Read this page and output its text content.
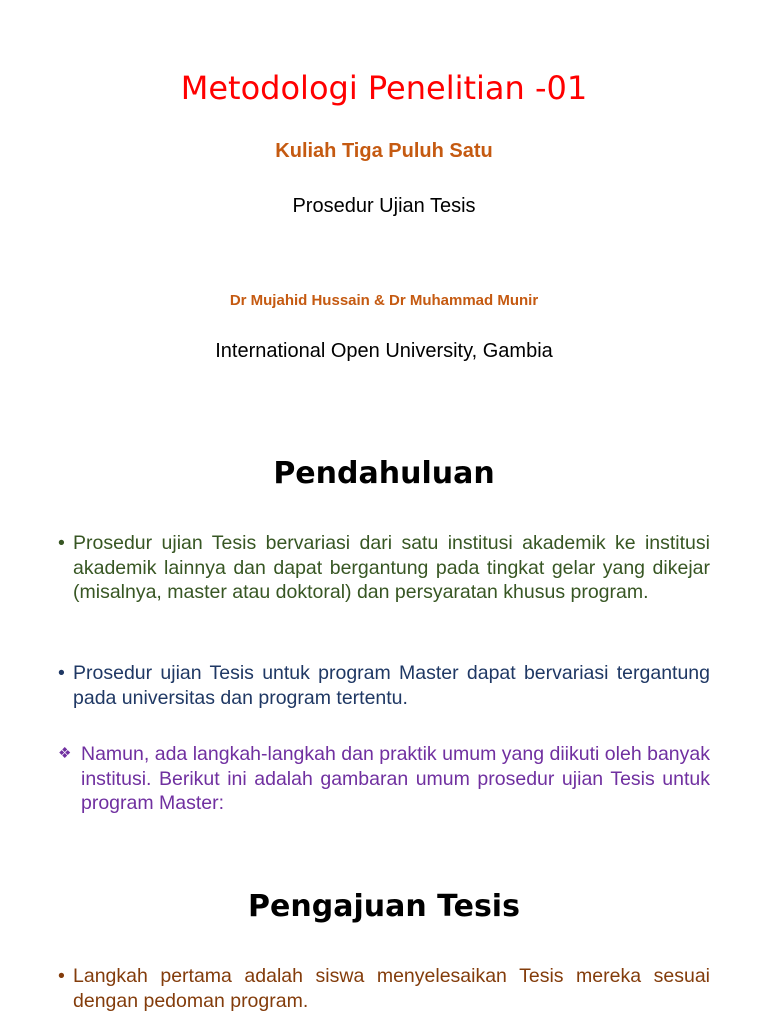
Metodologi Penelitian -01
Kuliah Tiga Puluh Satu
Prosedur Ujian Tesis
Dr Mujahid Hussain & Dr Muhammad Munir
International Open University, Gambia
Pendahuluan
• Prosedur ujian Tesis bervariasi dari satu institusi akademik ke institusi akademik lainnya dan dapat bergantung pada tingkat gelar yang dikejar (misalnya, master atau doktoral) dan persyaratan khusus program.
• Prosedur ujian Tesis untuk program Master dapat bervariasi tergantung pada universitas dan program tertentu.
❖ Namun, ada langkah-langkah dan praktik umum yang diikuti oleh banyak institusi. Berikut ini adalah gambaran umum prosedur ujian Tesis untuk program Master:
Pengajuan Tesis
• Langkah pertama adalah siswa menyelesaikan Tesis mereka sesuai dengan pedoman program.
